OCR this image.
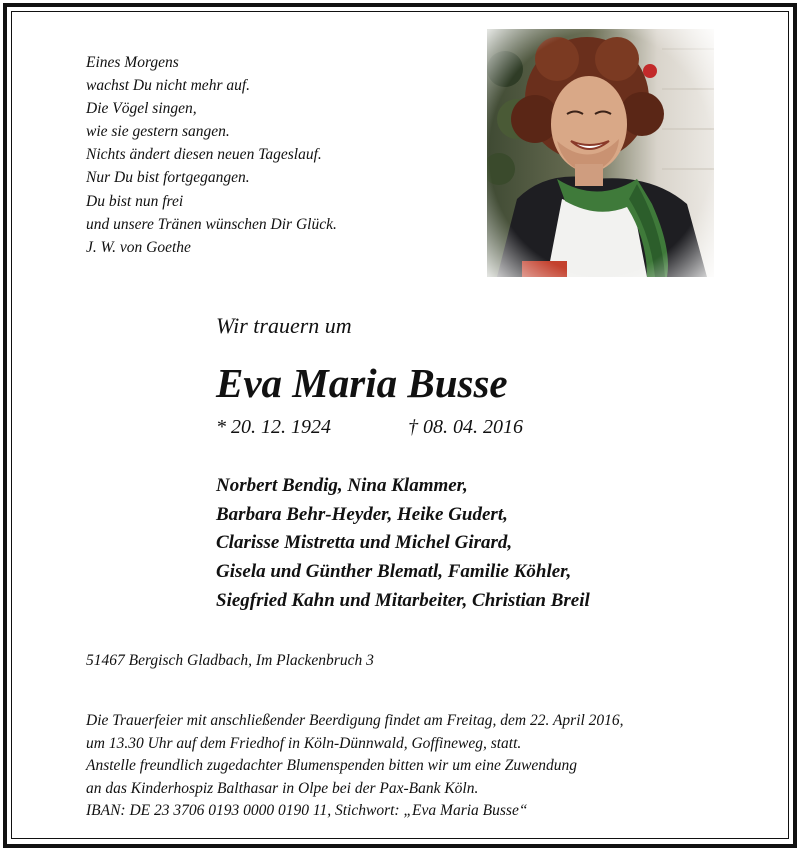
Eines Morgens
wachst Du nicht mehr auf.
Die Vögel singen,
wie sie gestern sangen.
Nichts ändert diesen neuen Tageslauf.
Nur Du bist fortgegangen.
Du bist nun frei
und unsere Tränen wünschen Dir Glück.
J. W. von Goethe
Wir trauern um
Eva Maria Busse
* 20. 12. 1924	† 08. 04. 2016
Norbert Bendig, Nina Klammer,
Barbara Behr-Heyder, Heike Gudert,
Clarisse Mistretta und Michel Girard,
Gisela und Günther Blematl, Familie Köhler,
Siegfried Kahn und Mitarbeiter, Christian Breil
51467 Bergisch Gladbach, Im Plackenbruch 3
Die Trauerfeier mit anschließender Beerdigung findet am Freitag, dem 22. April 2016,
um 13.30 Uhr auf dem Friedhof in Köln-Dünnwald, Goffineweg, statt.
Anstelle freundlich zugedachter Blumenspenden bitten wir um eine Zuwendung
an das Kinderhospiz Balthasar in Olpe bei der Pax-Bank Köln.
IBAN: DE 23 3706 0193 0000 0190 11, Stichwort: „Eva Maria Busse“
